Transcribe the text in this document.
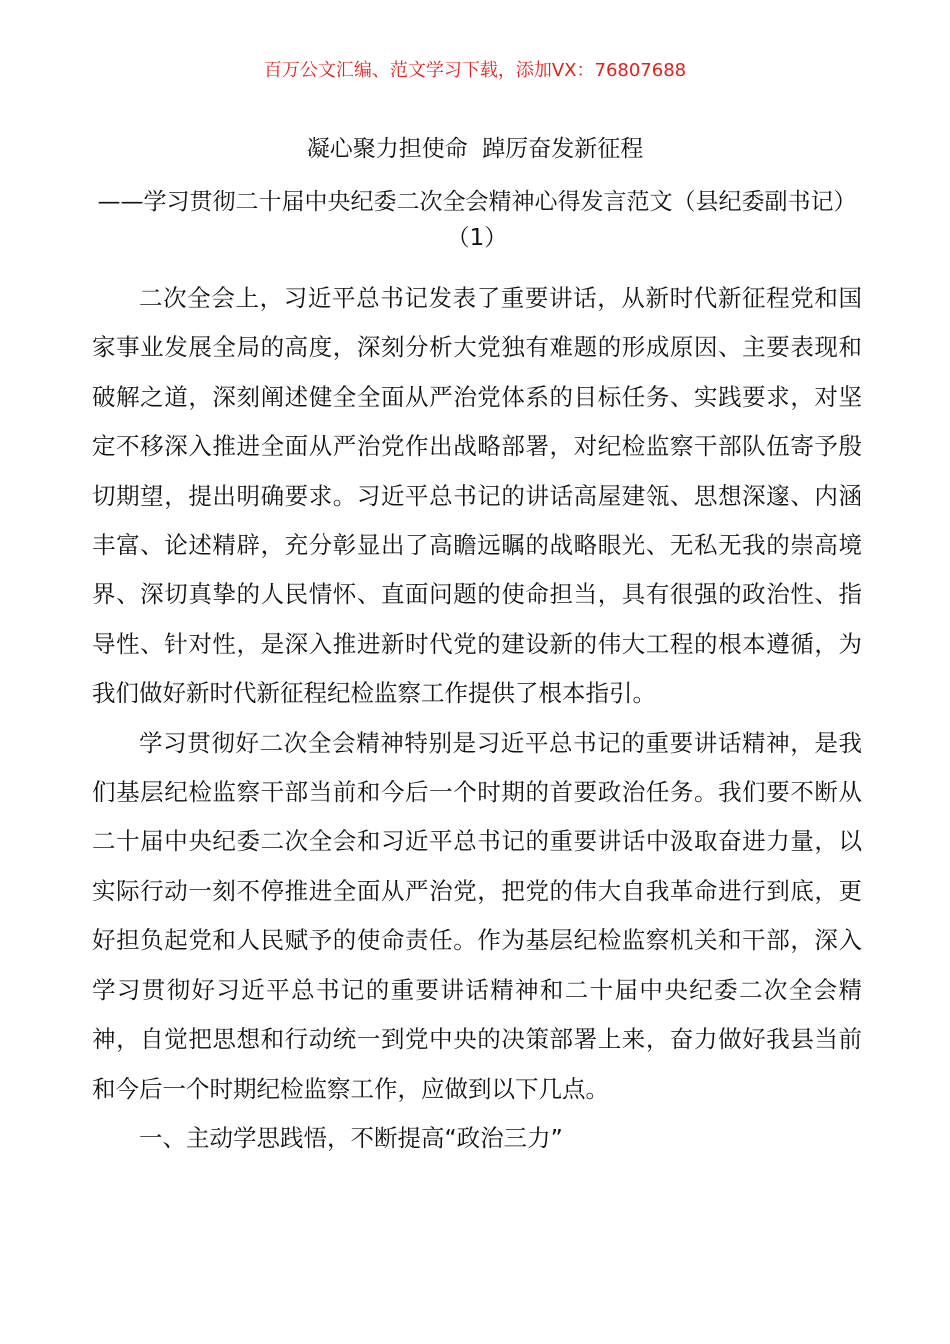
百万公文汇编、范文学习下载，添加VX：76807688
凝心聚力担使命  踔厉奋发新征程
——学习贯彻二十届中央纪委二次全会精神心得发言范文（县纪委副书记）（1）

二次全会上，习近平总书记发表了重要讲话，从新时代新征程党和国家事业发展全局的高度，深刻分析大党独有难题的形成原因、主要表现和破解之道，深刻阐述健全全面从严治党体系的目标任务、实践要求，对坚定不移深入推进全面从严治党作出战略部署，对纪检监察干部队伍寄予殷切期望，提出明确要求。习近平总书记的讲话高屋建瓴、思想深邃、内涵丰富、论述精辟，充分彰显出了高瞻远瞩的战略眼光、无私无我的崇高境界、深切真挚的人民情怀、直面问题的使命担当，具有很强的政治性、指导性、针对性，是深入推进新时代党的建设新的伟大工程的根本遵循，为我们做好新时代新征程纪检监察工作提供了根本指引。

学习贯彻好二次全会精神特别是习近平总书记的重要讲话精神，是我们基层纪检监察干部当前和今后一个时期的首要政治任务。我们要不断从二十届中央纪委二次全会和习近平总书记的重要讲话中汲取奋进力量，以实际行动一刻不停推进全面从严治党，把党的伟大自我革命进行到底，更好担负起党和人民赋予的使命责任。作为基层纪检监察机关和干部，深入学习贯彻好习近平总书记的重要讲话精神和二十届中央纪委二次全会精神，自觉把思想和行动统一到党中央的决策部署上来，奋力做好我县当前和今后一个时期纪检监察工作，应做到以下几点。

一、主动学思践悟，不断提高“政治三力”
